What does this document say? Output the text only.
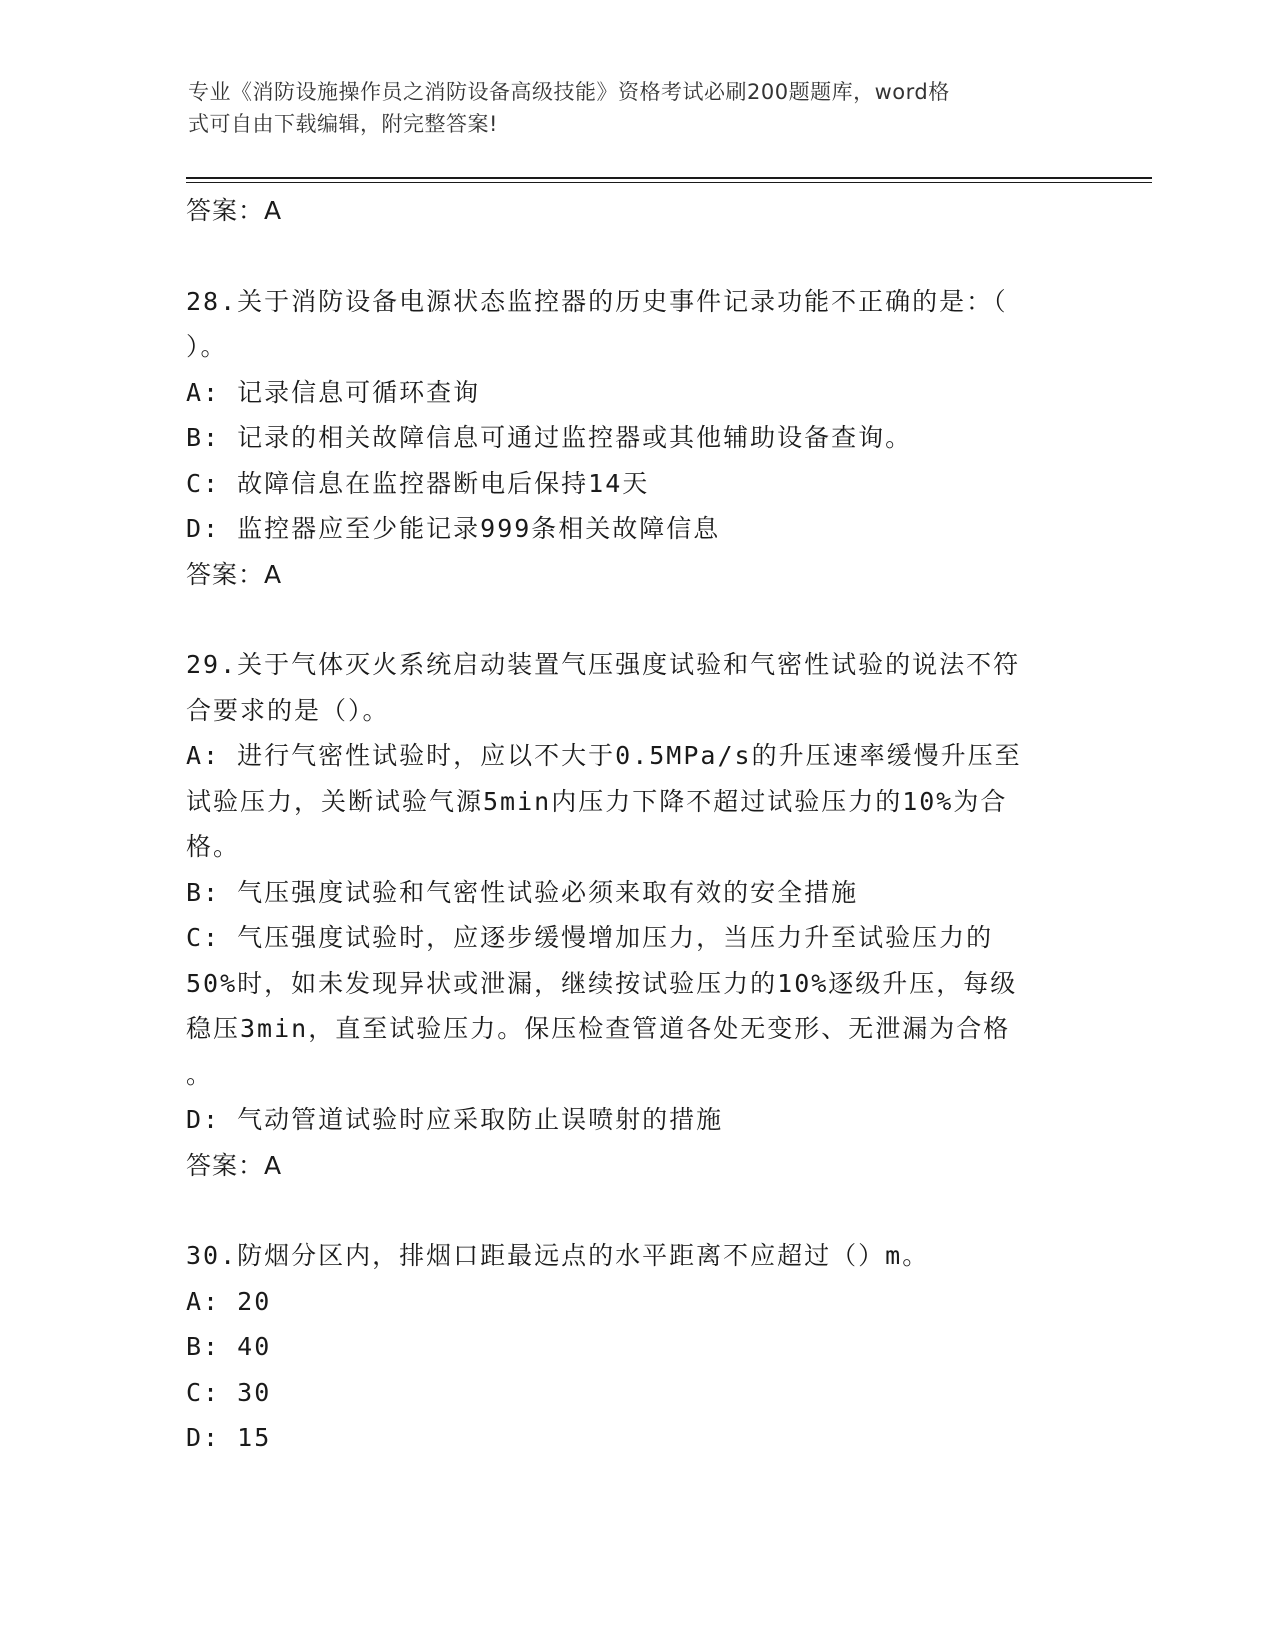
专业《消防设施操作员之消防设备高级技能》资格考试必刷200题题库，word格
式可自由下载编辑，附完整答案!
答案：A
28.关于消防设备电源状态监控器的历史事件记录功能不正确的是：（
）。
A: 记录信息可循环查询
B: 记录的相关故障信息可通过监控器或其他辅助设备查询。
C: 故障信息在监控器断电后保持14天
D: 监控器应至少能记录999条相关故障信息
答案：A
29.关于气体灭火系统启动装置气压强度试验和气密性试验的说法不符
合要求的是（）。
A: 进行气密性试验时，应以不大于0.5MPa/s的升压速率缓慢升压至
试验压力，关断试验气源5min内压力下降不超过试验压力的10%为合
格。
B: 气压强度试验和气密性试验必须来取有效的安全措施
C: 气压强度试验时，应逐步缓慢增加压力，当压力升至试验压力的
50%时，如未发现异状或泄漏，继续按试验压力的10%逐级升压，每级
稳压3min，直至试验压力。保压检查管道各处无变形、无泄漏为合格
。
D: 气动管道试验时应采取防止误喷射的措施
答案：A
30.防烟分区内，排烟口距最远点的水平距离不应超过（）m。
A: 20
B: 40
C: 30
D: 15
